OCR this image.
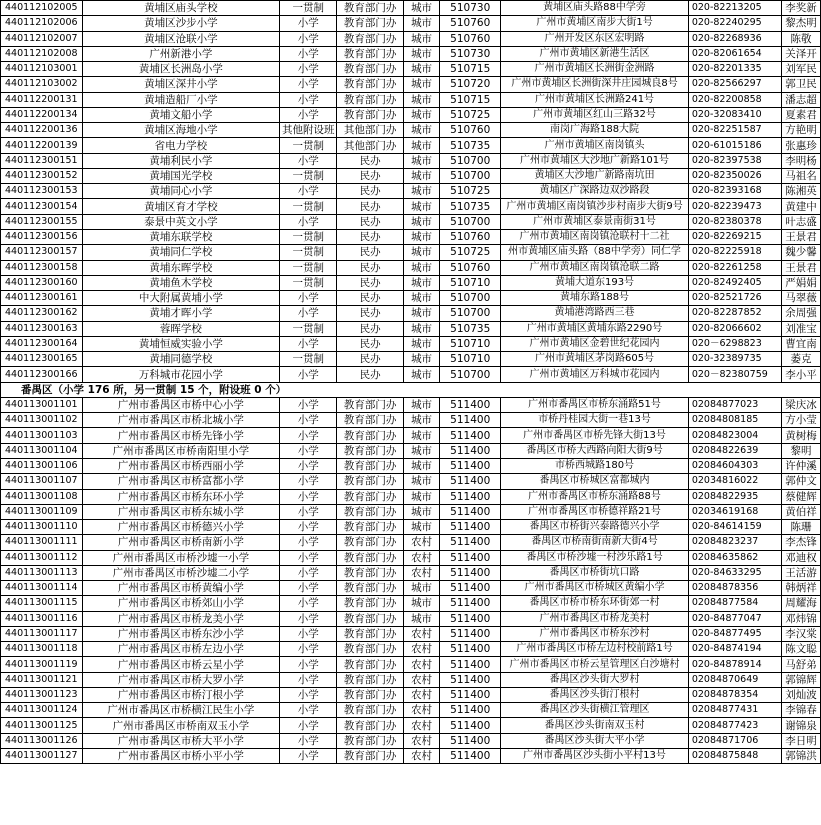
440112102005	黄埔区庙头学校	一贯制	教育部门办	城市	510730	黄埔区庙头路88中学旁	020-82213205	李奖新
440112102006	黄埔区沙步小学	小学	教育部门办	城市	510760	广州市黄埔区南步大街1号	020-82240295	黎杰明
440112102007	黄埔区沧联小学	小学	教育部门办	城市	510760	广州开发区东区宏明路	020-82268936	陈敬
440112102008	广州新港小学	小学	教育部门办	城市	510730	广州市黄埔区新港生活区	020-82061654	关泽开
440112103001	黄埔区长洲岛小学	小学	教育部门办	城市	510715	广州市黄埔区长洲街金洲路	020-82201335	刘军民
440112103002	黄埔区深井小学	小学	教育部门办	城市	510720	广州市黄埔区长洲街深井庄园城良8号	020-82566297	郭卫民
440112200131	黄埔造船厂小学	小学	教育部门办	城市	510715	广州市黄埔区长洲路241号	020-82200858	潘志超
440112200134	黄埔文船小学	小学	教育部门办	城市	510725	广州市黄埔区红山三路32号	020-32083410	夏素君
440112200136	黄埔区海地小学	其他附设班	其他部门办	城市	510760	南岗广海路188大院	020-82251587	方艳明
440112200139	省电力学校	一贯制	其他部门办	城市	510735	广州市黄埔区南岗镇头	020-61015186	张惠珍
440112300151	黄埔利民小学	小学	民办	城市	510700	广州市黄埔区大沙地广新路101号	020-82397538	李明杨
440112300152	黄埔国光学校	一贯制	民办	城市	510700	黄埔区大沙地广新路南坑田	020-82350026	马祖名
440112300153	黄埔同心小学	小学	民办	城市	510725	黄埔区广深路边双沙路段	020-82393168	陈湘英
440112300154	黄埔区育才学校	一贯制	民办	城市	510735	广州市黄埔区南岗镇沙步村南步大街9号	020-82239473	黄建中
440112300155	泰景中英文小学	小学	民办	城市	510700	广州市黄埔区泰景南街31号	020-82380378	叶志盛
440112300156	黄埔东联学校	一贯制	民办	城市	510760	广州市黄埔区南岗镇沧联村十二社	020-82269215	王景君
440112300157	黄埔同仁学校	一贯制	民办	城市	510725	州市黄埔区庙头路（88中学旁）同仁学	020-82225918	魏少馨
440112300158	黄埔东晖学校	一贯制	民办	城市	510760	广州市黄埔区南岗镇沧联二路	020-82261258	王景君
440112300160	黄埔鱼木学校	一贯制	民办	城市	510710	黄埔大道东193号	020-82492405	严娟娟
440112300161	中大附属黄埔小学	小学	民办	城市	510700	黄埔东路188号	020-82521726	马翠薇
440112300162	黄埔才晖小学	小学	民办	城市	510700	黄埔港湾路西三巷	020-82287852	余周强
440112300163	蓉晖学校	一贯制	民办	城市	510735	广州市黄埔区黄埔东路2290号	020-82066602	刘准宝
440112300164	黄埔恒威实验小学	小学	民办	城市	510710	广州市黄埔区金碧世纪花园内	020－6298823	曹宜南
440112300165	黄埔同德学校	一贯制	民办	城市	510710	广州市黄埔区茅岗路605号	020-32389735	萎克
440112300166	万科城市花园小学	小学	民办	城市	510700	广州市黄埔区万科城市花园内	020－82380759	李小平
番禺区（小学 176 所，另一贯制 15 个，附设班 0 个）								
440113001101	广州市番禺区市桥中心小学	小学	教育部门办	城市	511400	广州市番禺区市桥东涌路51号	02084877023	梁庆冰
440113001102	广州市番禺区市桥北城小学	小学	教育部门办	城市	511400	市桥丹桂园大街一巷13号	02084808185	方小莹
440113001103	广州市番禺区市桥先锋小学	小学	教育部门办	城市	511400	广州市番禺区市桥先锋大街13号	02084823004	黄树梅
440113001104	广州市番禺区市桥南阳里小学	小学	教育部门办	城市	511400	番禺区市桥大西路向阳大街9号	02084822639	黎明
440113001106	广州市番禺区市桥西丽小学	小学	教育部门办	城市	511400	市桥西城路180号	02084604303	许仲溪
440113001107	广州市番禺区市桥富都小学	小学	教育部门办	城市	511400	番禺区市桥城区富都城内	02034816022	郭仲文
440113001108	广州市番禺区市桥东环小学	小学	教育部门办	城市	511400	广州市番禺区市桥东涌路88号	02084822935	蔡健辉
440113001109	广州市番禺区市桥东城小学	小学	教育部门办	城市	511400	广州市番禺区市桥德祥路21号	02034619168	黄伯祥
440113001110	广州市番禺区市桥德兴小学	小学	教育部门办	城市	511400	番禺区市桥街兴泰路德兴小学	020-84614159	陈珊
440113001111	广州市番禺区市桥南新小学	小学	教育部门办	农村	511400	番禺区市桥南街南新大街4号	02084823237	李杰锋
440113001112	广州市番禺区市桥沙墟一小学	小学	教育部门办	农村	511400	番禺区市桥沙墟一村沙乐路1号	02084635862	邓迪权
440113001113	广州市番禺区市桥沙墟二小学	小学	教育部门办	农村	511400	番禺区市桥街坑口路	020-84633295	王活游
440113001114	广州市番禺区市桥黄编小学	小学	教育部门办	城市	511400	广州市番禺区市桥城区黄编小学	02084878356	韩炳祥
440113001115	广州市番禺区市桥郊山小学	小学	教育部门办	城市	511400	番禺区市桥市桥东环街郊一村	02084877584	周耀海
440113001116	广州市番禺区市桥龙美小学	小学	教育部门办	城市	511400	广州市番禺区市桥龙美村	020-84877047	邓炜锦
440113001117	广州市番禺区市桥东沙小学	小学	教育部门办	农村	511400	广州市番禺区市桥东沙村	020-84877495	李汉棠
440113001118	广州市番禺区市桥左边小学	小学	教育部门办	农村	511400	广州市番禺区市桥左边村校前路1号	020-84874194	陈文聪
440113001119	广州市番禺区市桥云星小学	小学	教育部门办	农村	511400	广州市番禺区市桥云星管理区白沙塘村	020-84878914	马舒弟
440113001121	广州市番禺区市桥大罗小学	小学	教育部门办	农村	511400	番禺区沙头街大罗村	02084870649	郭锦辉
440113001123	广州市番禺区市桥汀根小学	小学	教育部门办	农村	511400	番禺区沙头街汀根村	02084878354	刘灿波
440113001124	广州市番禺区市桥横江民生小学	小学	教育部门办	农村	511400	番禺区沙头街横江管理区	02084877431	李锦春
440113001125	广州市番禺区市桥南双玉小学	小学	教育部门办	农村	511400	番禺区沙头街南双玉村	02084877423	谢锦泉
440113001126	广州市番禺区市桥大平小学	小学	教育部门办	农村	511400	番禺区沙头街大平小学	02084871706	李日明
440113001127	广州市番禺区市桥小平小学	小学	教育部门办	农村	511400	广州市番禺区沙头街小平村13号	02084875848	郭锦洪
